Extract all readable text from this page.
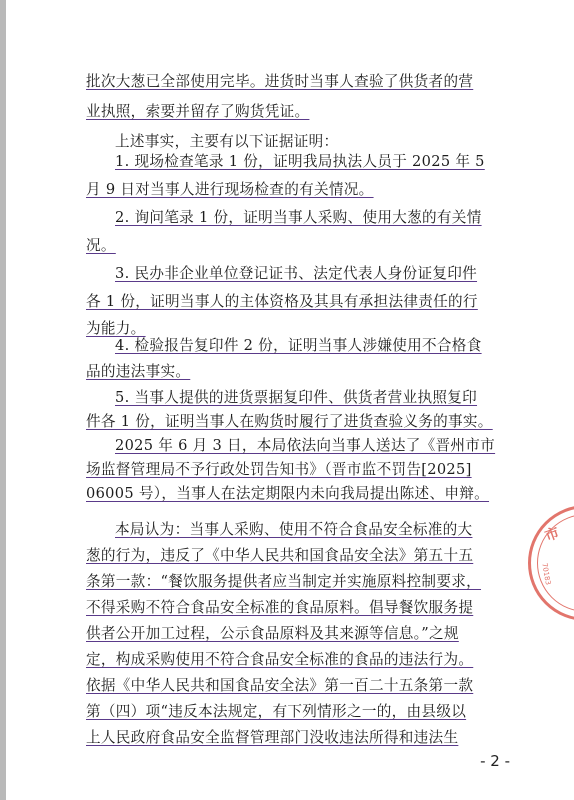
批次大葱已全部使用完毕。进货时当事人查验了供货者的营
业执照，索要并留存了购货凭证。
上述事实，主要有以下证据证明：
1. 现场检查笔录 1 份，证明我局执法人员于 2025 年 5
月 9 日对当事人进行现场检查的有关情况。
2. 询问笔录 1 份，证明当事人采购、使用大葱的有关情
况。
3. 民办非企业单位登记证书、法定代表人身份证复印件
各 1 份，证明当事人的主体资格及其具有承担法律责任的行
为能力。
4. 检验报告复印件 2 份，证明当事人涉嫌使用不合格食
品的违法事实。
5. 当事人提供的进货票据复印件、供货者营业执照复印
件各 1 份，证明当事人在购货时履行了进货查验义务的事实。
2025 年 6 月 3 日，本局依法向当事人送达了《晋州市市
场监督管理局不予行政处罚告知书》（晋市监不罚告[2025]
06005 号），当事人在法定期限内未向我局提出陈述、申辩。
本局认为：当事人采购、使用不符合食品安全标准的大
葱的行为，违反了《中华人民共和国食品安全法》第五十五
条第一款：“餐饮服务提供者应当制定并实施原料控制要求，
不得采购不符合食品安全标准的食品原料。倡导餐饮服务提
供者公开加工过程，公示食品原料及其来源等信息。”之规
定，构成采购使用不符合食品安全标准的食品的违法行为。
依据《中华人民共和国食品安全法》第一百二十五条第一款
第（四）项“违反本法规定，有下列情形之一的，由县级以
上人民政府食品安全监督管理部门没收违法所得和违法生
市
70183
- 2 -
